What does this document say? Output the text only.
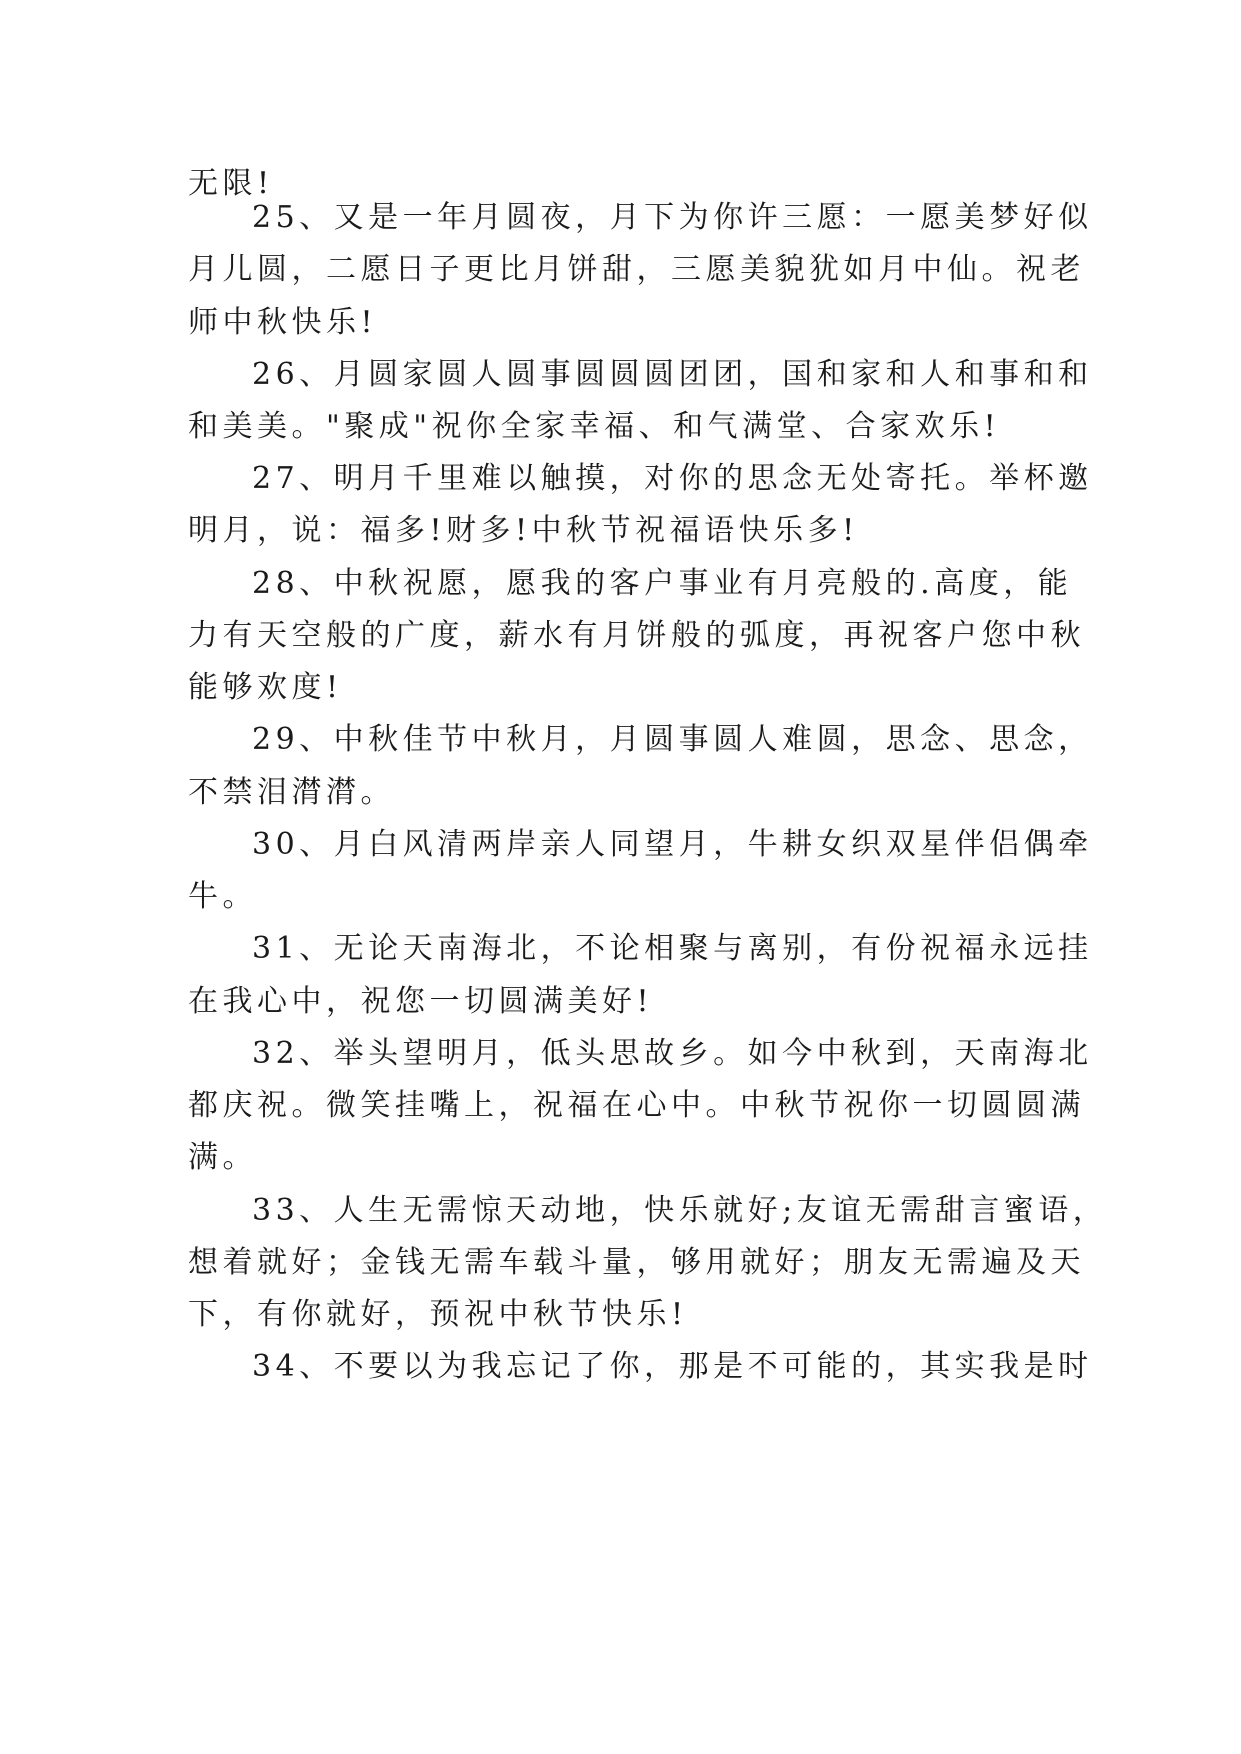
无限!
25、又是一年月圆夜，月下为你许三愿：一愿美梦好似
月儿圆，二愿日子更比月饼甜，三愿美貌犹如月中仙。祝老
师中秋快乐!
26、月圆家圆人圆事圆圆圆团团，国和家和人和事和和
和美美。"聚成"祝你全家幸福、和气满堂、合家欢乐!
27、明月千里难以触摸，对你的思念无处寄托。举杯邀
明月，说：福多!财多!中秋节祝福语快乐多!
28、中秋祝愿，愿我的客户事业有月亮般的.高度，能
力有天空般的广度，薪水有月饼般的弧度，再祝客户您中秋
能够欢度!
29、中秋佳节中秋月，月圆事圆人难圆，思念、思念，
不禁泪潸潸。
30、月白风清两岸亲人同望月，牛耕女织双星伴侣偶牵
牛。
31、无论天南海北，不论相聚与离别，有份祝福永远挂
在我心中，祝您一切圆满美好!
32、举头望明月，低头思故乡。如今中秋到，天南海北
都庆祝。微笑挂嘴上，祝福在心中。中秋节祝你一切圆圆满
满。
33、人生无需惊天动地，快乐就好;友谊无需甜言蜜语，
想着就好；金钱无需车载斗量，够用就好；朋友无需遍及天
下，有你就好，预祝中秋节快乐!
34、不要以为我忘记了你，那是不可能的，其实我是时
